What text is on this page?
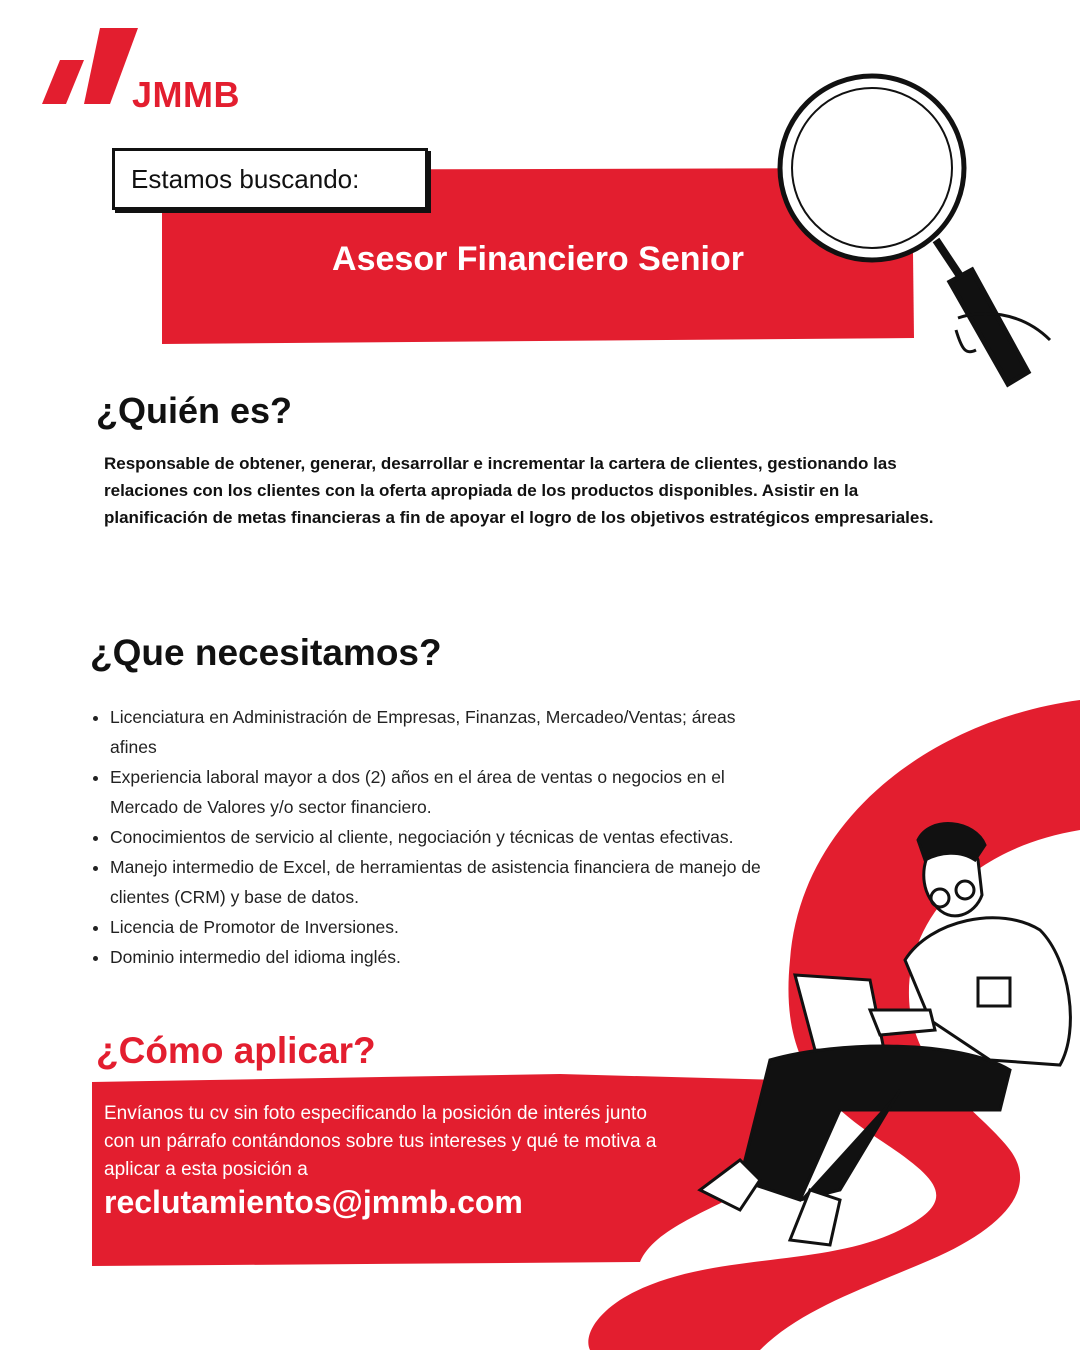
JMMB
Estamos buscando:
Asesor Financiero Senior
¿Quién es?

Responsable de obtener, generar, desarrollar e incrementar la cartera de clientes, gestionando las relaciones con los clientes con la oferta apropiada de los productos disponibles. Asistir en la planificación de metas financieras a fin de apoyar el logro de los objetivos estratégicos empresariales.

¿Que necesitamos?
• Licenciatura en Administración de Empresas, Finanzas, Mercadeo/Ventas; áreas afines
• Experiencia laboral mayor a dos (2) años en el área de ventas o negocios en el Mercado de Valores y/o sector financiero.
• Conocimientos de servicio al cliente, negociación y técnicas de ventas efectivas.
• Manejo intermedio de Excel, de herramientas de asistencia financiera de manejo de clientes (CRM) y base de datos.
• Licencia de Promotor de Inversiones.
• Dominio intermedio del idioma inglés.
¿Cómo aplicar?

Envíanos tu cv sin foto especificando la posición de interés junto con un párrafo contándonos sobre tus intereses y qué te motiva a aplicar a esta posición a

reclutamientos@jmmb.com
